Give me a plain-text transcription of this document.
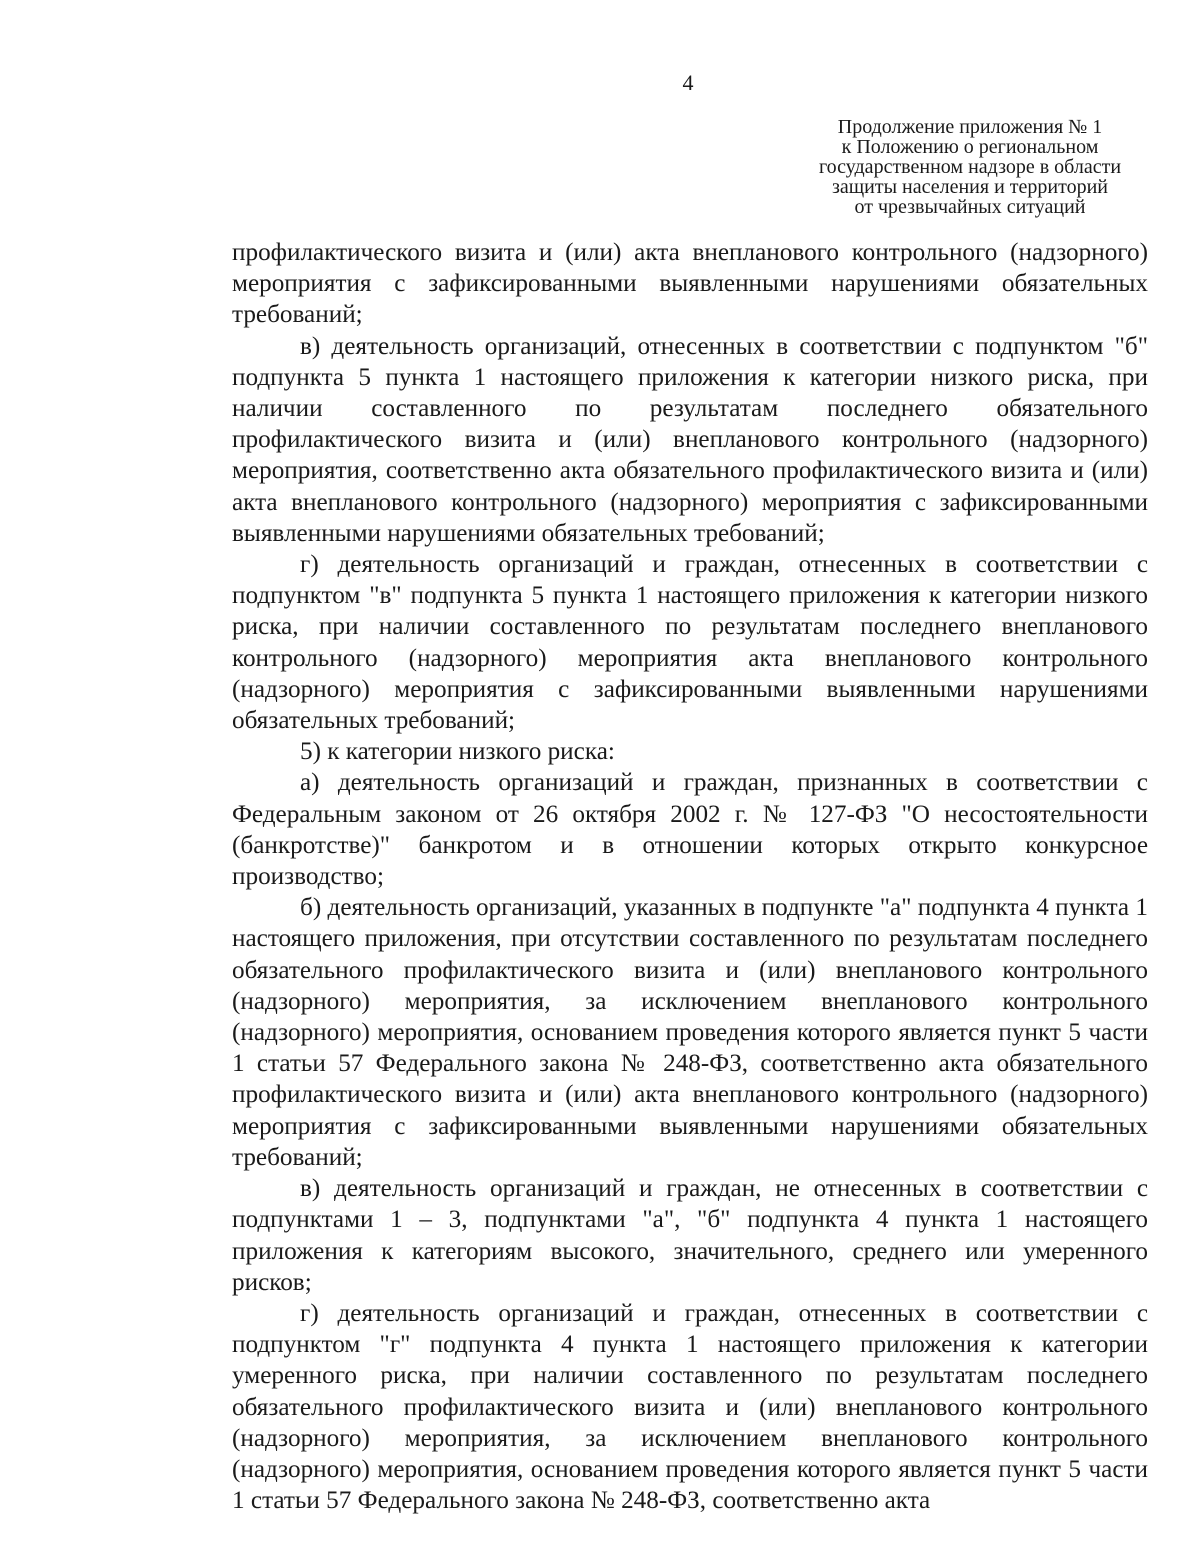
4
Продолжение приложения № 1
к Положению о региональном
государственном надзоре в области
защиты населения и территорий
от чрезвычайных ситуаций

профилактического визита и (или) акта внепланового контрольного (надзорного) мероприятия с зафиксированными выявленными нарушениями обязательных требований;

в) деятельность организаций, отнесенных в соответствии с подпунктом "б" подпункта 5 пункта 1 настоящего приложения к категории низкого риска, при наличии составленного по результатам последнего обязательного профилактического визита и (или) внепланового контрольного (надзорного) мероприятия, соответственно акта обязательного профилактического визита и (или) акта внепланового контрольного (надзорного) мероприятия с зафиксированными выявленными нарушениями обязательных требований;

г) деятельность организаций и граждан, отнесенных в соответствии с подпунктом "в" подпункта 5 пункта 1 настоящего приложения к категории низкого риска, при наличии составленного по результатам последнего внепланового контрольного (надзорного) мероприятия акта внепланового контрольного (надзорного) мероприятия с зафиксированными выявленными нарушениями обязательных требований;

5) к категории низкого риска:

а) деятельность организаций и граждан, признанных в соответствии с Федеральным законом от 26 октября 2002 г. № 127-ФЗ "О несостоятельности (банкротстве)" банкротом и в отношении которых открыто конкурсное производство;

б) деятельность организаций, указанных в подпункте "а" подпункта 4 пункта 1 настоящего приложения, при отсутствии составленного по результатам последнего обязательного профилактического визита и (или) внепланового контрольного (надзорного) мероприятия, за исключением внепланового контрольного (надзорного) мероприятия, основанием проведения которого является пункт 5 части 1 статьи 57 Федерального закона № 248-ФЗ, соответственно акта обязательного профилактического визита и (или) акта внепланового контрольного (надзорного) мероприятия с зафиксированными выявленными нарушениями обязательных требований;

в) деятельность организаций и граждан, не отнесенных в соответствии с подпунктами 1 – 3, подпунктами "а", "б" подпункта 4 пункта 1 настоящего приложения к категориям высокого, значительного, среднего или умеренного рисков;

г) деятельность организаций и граждан, отнесенных в соответствии с подпунктом "г" подпункта 4 пункта 1 настоящего приложения к категории умеренного риска, при наличии составленного по результатам последнего обязательного профилактического визита и (или) внепланового контрольного (надзорного) мероприятия, за исключением внепланового контрольного (надзорного) мероприятия, основанием проведения которого является пункт 5 части 1 статьи 57 Федерального закона № 248-ФЗ, соответственно акта
